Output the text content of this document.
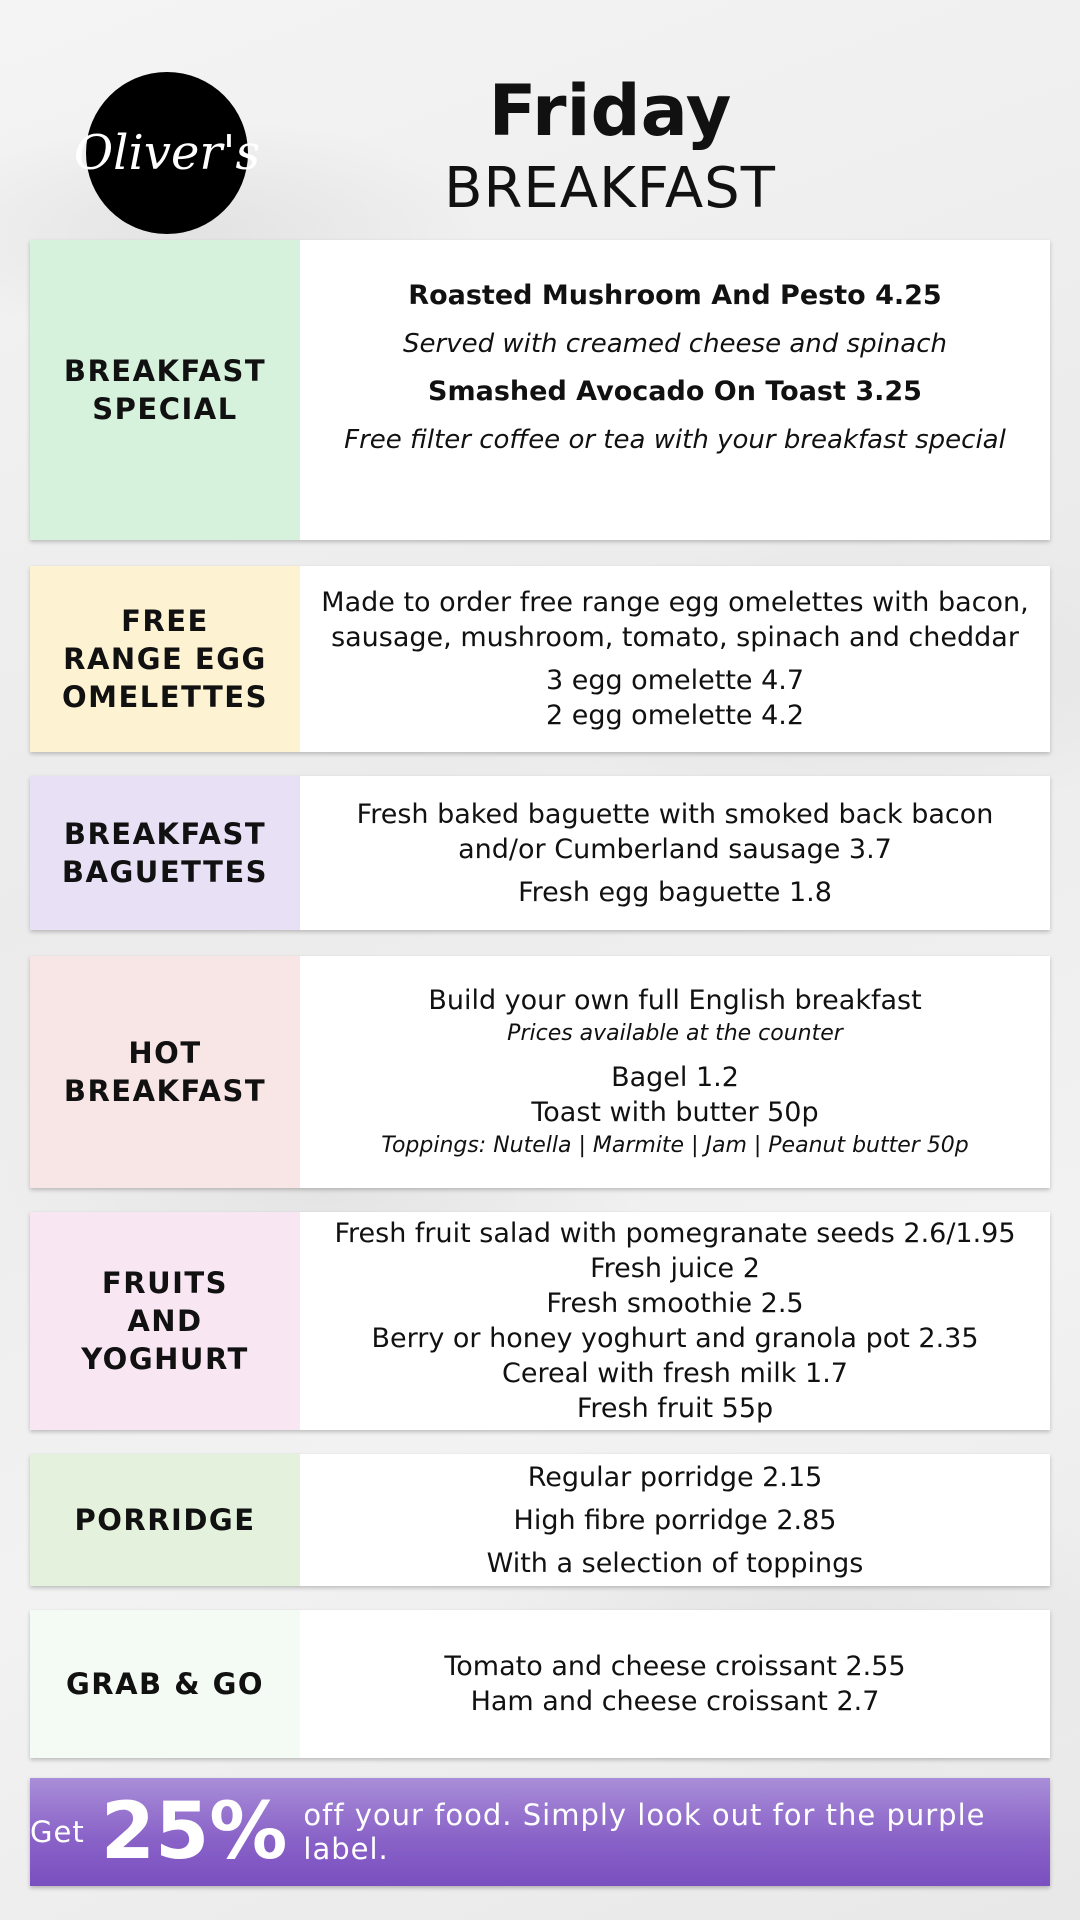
Oliver's
Friday
BREAKFAST
BREAKFAST SPECIAL
Roasted Mushroom And Pesto 4.25
Served with creamed cheese and spinach
Smashed Avocado On Toast 3.25
Free filter coffee or tea with your breakfast special
FREE RANGE EGG OMELETTES
Made to order free range egg omelettes with bacon, sausage, mushroom, tomato, spinach and cheddar
3 egg omelette 4.7
2 egg omelette 4.2
BREAKFAST BAGUETTES
Fresh baked baguette with smoked back bacon and/or Cumberland sausage 3.7
Fresh egg baguette 1.8
HOT BREAKFAST
Build your own full English breakfast
Prices available at the counter
Bagel 1.2
Toast with butter 50p
Toppings: Nutella | Marmite | Jam | Peanut butter 50p
FRUITS AND YOGHURT
Fresh fruit salad with pomegranate seeds 2.6/1.95
Fresh juice 2
Fresh smoothie 2.5
Berry or honey yoghurt and granola pot 2.35
Cereal with fresh milk 1.7
Fresh fruit 55p
PORRIDGE
Regular porridge 2.15
High fibre porridge 2.85
With a selection of toppings
GRAB & GO
Tomato and cheese croissant 2.55
Ham and cheese croissant 2.7
Get 25% off your food. Simply look out for the purple label.
